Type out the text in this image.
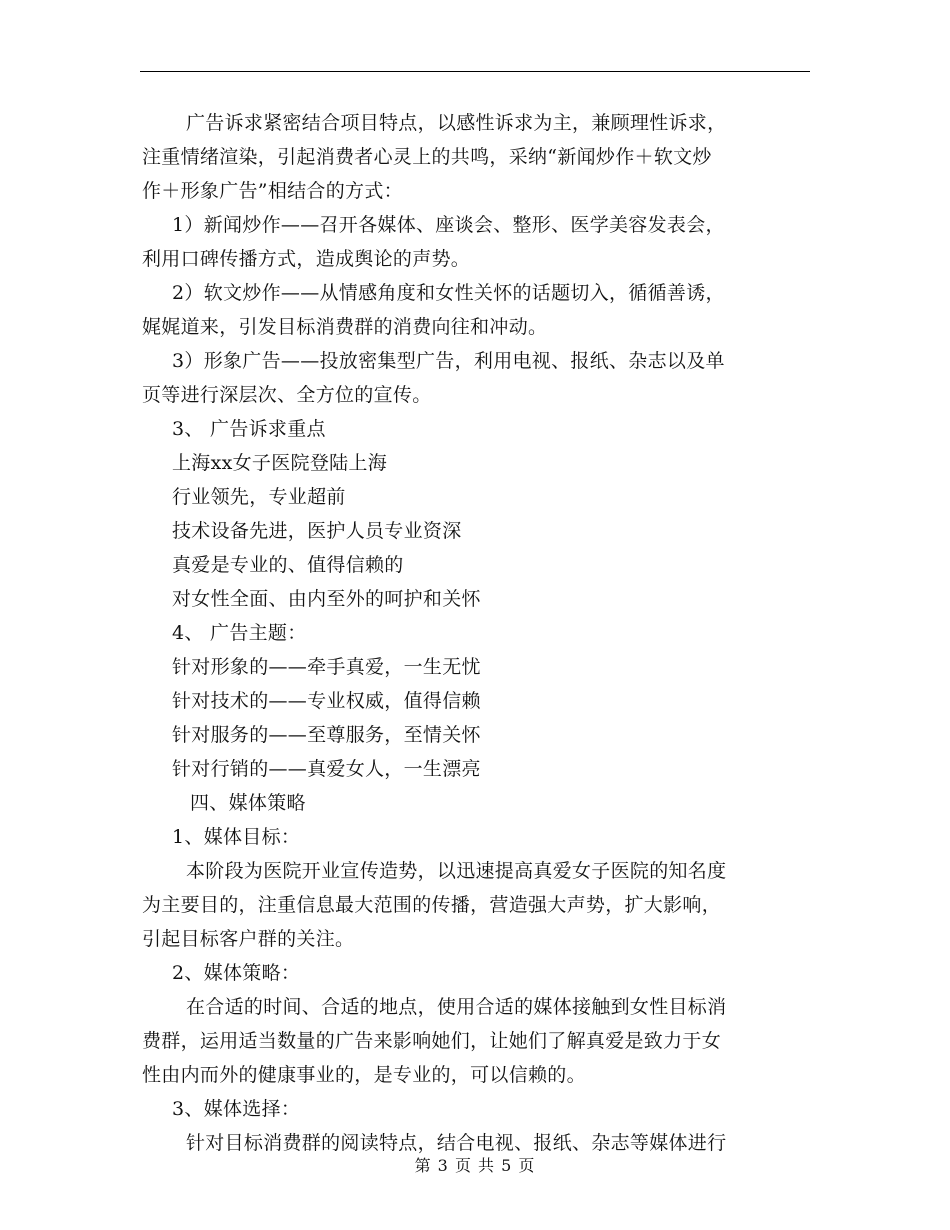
广告诉求紧密结合项目特点，以感性诉求为主，兼顾理性诉求，
注重情绪渲染，引起消费者心灵上的共鸣，采纳“新闻炒作＋软文炒
作＋形象广告”相结合的方式：
1）新闻炒作——召开各媒体、座谈会、整形、医学美容发表会，
利用口碑传播方式，造成舆论的声势。
2）软文炒作——从情感角度和女性关怀的话题切入，循循善诱，
娓娓道来，引发目标消费群的消费向往和冲动。
3）形象广告——投放密集型广告，利用电视、报纸、杂志以及单
页等进行深层次、全方位的宣传。
3、 广告诉求重点
上海xx女子医院登陆上海
行业领先，专业超前
技术设备先进，医护人员专业资深
真爱是专业的、值得信赖的
对女性全面、由内至外的呵护和关怀
4、 广告主题：
针对形象的——牵手真爱，一生无忧
针对技术的——专业权威，值得信赖
针对服务的——至尊服务，至情关怀
针对行销的——真爱女人，一生漂亮
四、媒体策略
1、媒体目标：
本阶段为医院开业宣传造势，以迅速提高真爱女子医院的知名度
为主要目的，注重信息最大范围的传播，营造强大声势，扩大影响，
引起目标客户群的关注。
2、媒体策略：
在合适的时间、合适的地点，使用合适的媒体接触到女性目标消
费群，运用适当数量的广告来影响她们，让她们了解真爱是致力于女
性由内而外的健康事业的，是专业的，可以信赖的。
3、媒体选择：
针对目标消费群的阅读特点，结合电视、报纸、杂志等媒体进行
第 3 页 共 5 页
